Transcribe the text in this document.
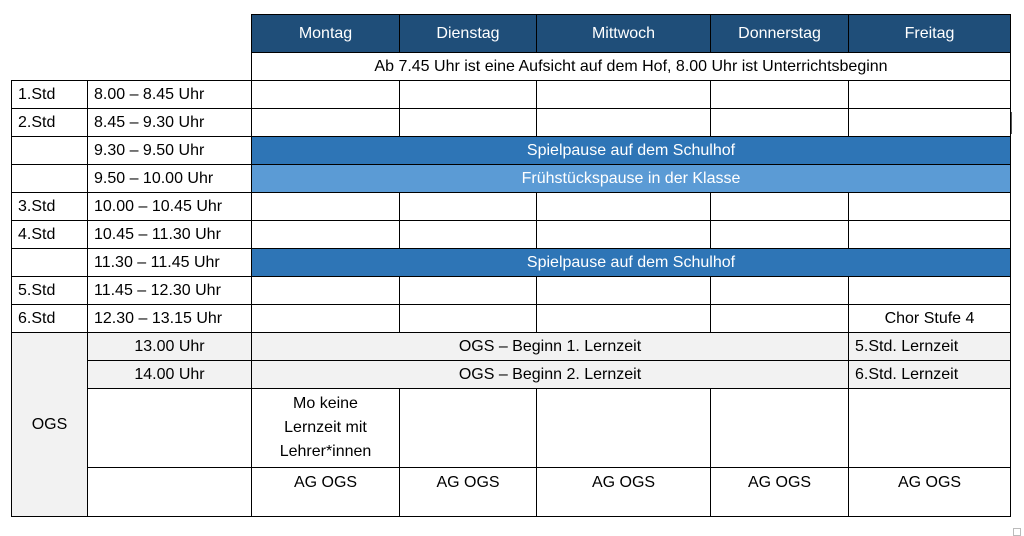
		Montag	Dienstag	Mittwoch	Donnerstag	Freitag
		Ab 7.45 Uhr ist eine Aufsicht auf dem Hof, 8.00 Uhr ist Unterrichtsbeginn				
1.Std	8.00 – 8.45 Uhr					
2.Std	8.45 – 9.30 Uhr					
	9.30 – 9.50 Uhr	Spielpause auf dem Schulhof				
	9.50 – 10.00 Uhr	Frühstückspause in der Klasse				
3.Std	10.00 – 10.45 Uhr					
4.Std	10.45 – 11.30 Uhr					
	11.30 – 11.45 Uhr	Spielpause auf dem Schulhof				
5.Std	11.45 – 12.30 Uhr					
6.Std	12.30 – 13.15 Uhr					Chor Stufe 4
OGS	13.00 Uhr	OGS – Beginn 1. Lernzeit				5.Std. Lernzeit
	14.00 Uhr	OGS – Beginn 2. Lernzeit				6.Std. Lernzeit

		Mo keine
Lernzeit mit
Lehrer*innen				

		AG OGS	AG OGS	AG OGS	AG OGS	AG OGS
